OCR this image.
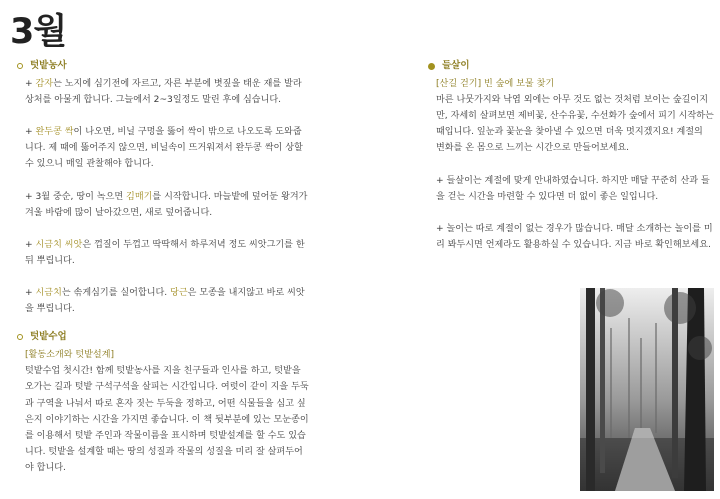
3월
텃밭농사
+ 감자는 노지에 심기전에 자르고, 자른 부분에 볏짚을 태운 재를 발라 상처를 아물게 합니다. 그늘에서 2~3일정도 말린 후에 심습니다.
+ 완두콩 싹이 나오면, 비닐 구멍을 뚫어 싹이 밖으로 나오도록 도와줍니다. 제 때에 뚫어주지 않으면, 비닐속이 뜨거워져서 완두콩 싹이 상할 수 있으니 매일 관찰해야 합니다.
+ 3월 중순, 땅이 녹으면 김매기를 시작합니다. 마늘밭에 덮어둔 왕겨가 겨울 바람에 많이 날아갔으면, 새로 덮어줍니다.
+ 시금치 씨앗은 껍질이 두껍고 딱딱해서 하루저녁 정도 씨앗그기를 한 뒤 뿌립니다.
+ 시금치는 솎게심기를 실어합니다. 당근은 모종을 내지않고 바로 씨앗을 뿌립니다.
텃밭수업
[활동소개와 텃밭설계]
텃밭수업 첫시간! 함께 텃밭농사를 지을 친구들과 인사를 하고, 텃밭을 오가는 길과 텃밭 구석구석을 살피는 시간입니다. 여럿이 같이 지을 두둑과 구역을 나눠서 따로 혼자 짓는 두둑을 정하고, 어떤 식물들을 심고 싶은지 이야기하는 시간을 가지면 좋습니다. 이 책 뒷부분에 있는 모눈종이를 이용해서 텃밭 주인과 작물이름을 표시하며 텃밭설계를 할 수도 있습니다. 텃밭을 설계할 때는 땅의 성질과 작물의 성질을 미리 잘 살펴두어야 합니다.
들살이
[산길 걷기] 빈 숲에 보물 찾기
마른 나뭇가지와 낙엽 외에는 아무 것도 없는 것처럼 보이는 숲길이지만, 자세히 살펴보면 제비꽃, 산수유꽃, 수선화가 숲에서 피기 시작하는 때입니다. 잎눈과 꽃눈을 찾아낼 수 있으면 더욱 멋지겠지요! 계절의 변화를 온 몸으로 느끼는 시간으로 만들어보세요.
+ 들살이는 계절에 맞게 안내하였습니다. 하지만 매달 꾸준히 산과 들을 걷는 시간을 마련할 수 있다면 더 없이 좋은 일입니다.
+ 놀이는 따로 계절이 없는 경우가 많습니다. 매달 소개하는 놀이를 미리 봐두시면 언제라도 활용하실 수 있습니다. 지금 바로 확인해보세요.
